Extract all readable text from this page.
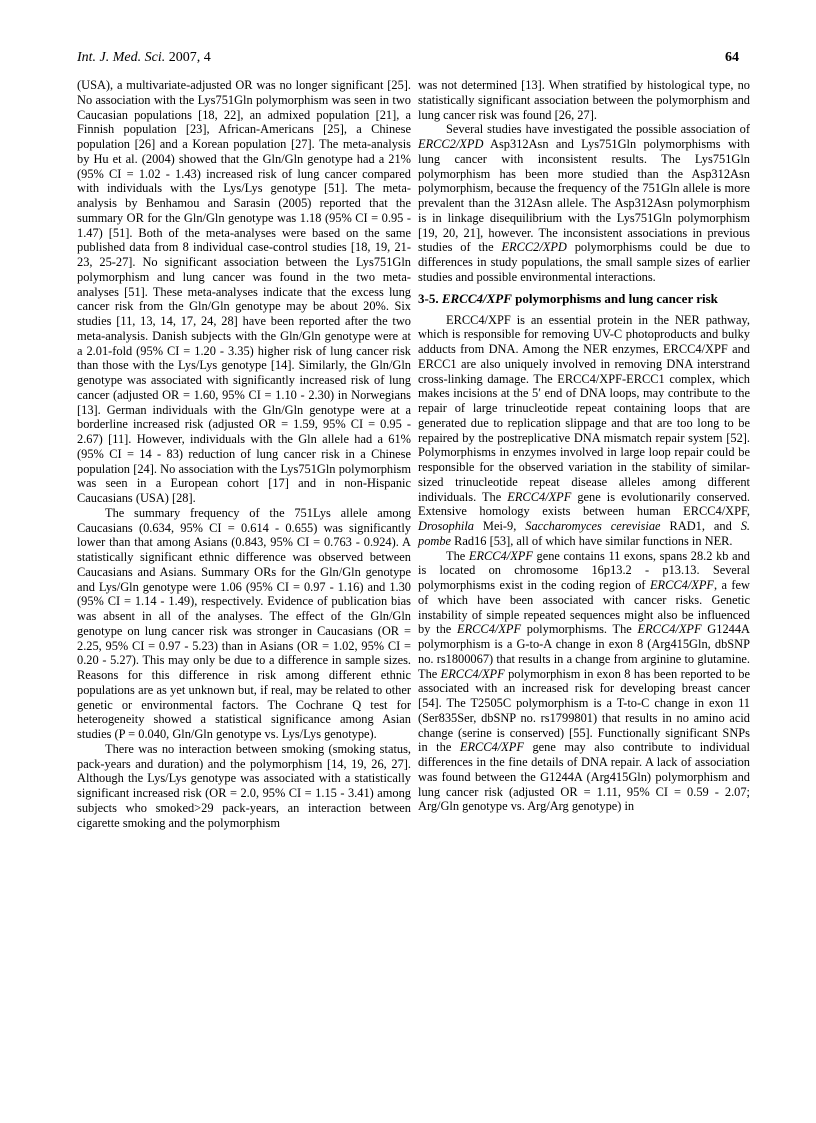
Int. J. Med. Sci. 2007, 4	64

(USA), a multivariate-adjusted OR was no longer significant [25]. No association with the Lys751Gln polymorphism was seen in two Caucasian populations [18, 22], an admixed population [21], a Finnish population [23], African-Americans [25], a Chinese population [26] and a Korean population [27]. The meta-analysis by Hu et al. (2004) showed that the Gln/Gln genotype had a 21% (95% CI = 1.02 - 1.43) increased risk of lung cancer compared with individuals with the Lys/Lys genotype [51]. The meta-analysis by Benhamou and Sarasin (2005) reported that the summary OR for the Gln/Gln genotype was 1.18 (95% CI = 0.95 - 1.47) [51]. Both of the meta-analyses were based on the same published data from 8 individual case-control studies [18, 19, 21-23, 25-27]. No significant association between the Lys751Gln polymorphism and lung cancer was found in the two meta-analyses [51]. These meta-analyses indicate that the excess lung cancer risk from the Gln/Gln genotype may be about 20%. Six studies [11, 13, 14, 17, 24, 28] have been reported after the two meta-analysis. Danish subjects with the Gln/Gln genotype were at a 2.01-fold (95% CI = 1.20 - 3.35) higher risk of lung cancer risk than those with the Lys/Lys genotype [14]. Similarly, the Gln/Gln genotype was associated with significantly increased risk of lung cancer (adjusted OR = 1.60, 95% CI = 1.10 - 2.30) in Norwegians [13]. German individuals with the Gln/Gln genotype were at a borderline increased risk (adjusted OR = 1.59, 95% CI = 0.95 - 2.67) [11]. However, individuals with the Gln allele had a 61% (95% CI = 14 - 83) reduction of lung cancer risk in a Chinese population [24]. No association with the Lys751Gln polymorphism was seen in a European cohort [17] and in non-Hispanic Caucasians (USA) [28].

The summary frequency of the 751Lys allele among Caucasians (0.634, 95% CI = 0.614 - 0.655) was significantly lower than that among Asians (0.843, 95% CI = 0.763 - 0.924). A statistically significant ethnic difference was observed between Caucasians and Asians. Summary ORs for the Gln/Gln genotype and Lys/Gln genotype were 1.06 (95% CI = 0.97 - 1.16) and 1.30 (95% CI = 1.14 - 1.49), respectively. Evidence of publication bias was absent in all of the analyses. The effect of the Gln/Gln genotype on lung cancer risk was stronger in Caucasians (OR = 2.25, 95% CI = 0.97 - 5.23) than in Asians (OR = 1.02, 95% CI = 0.20 - 5.27). This may only be due to a difference in sample sizes. Reasons for this difference in risk among different ethnic populations are as yet unknown but, if real, may be related to other genetic or environmental factors. The Cochrane Q test for heterogeneity showed a statistical significance among Asian studies (P = 0.040, Gln/Gln genotype vs. Lys/Lys genotype).

There was no interaction between smoking (smoking status, pack-years and duration) and the polymorphism [14, 19, 26, 27]. Although the Lys/Lys genotype was associated with a statistically significant increased risk (OR = 2.0, 95% CI = 1.15 - 3.41) among subjects who smoked>29 pack-years, an interaction between cigarette smoking and the polymorphism

was not determined [13]. When stratified by histological type, no statistically significant association between the polymorphism and lung cancer risk was found [26, 27].

Several studies have investigated the possible association of ERCC2/XPD Asp312Asn and Lys751Gln polymorphisms with lung cancer with inconsistent results. The Lys751Gln polymorphism has been more studied than the Asp312Asn polymorphism, because the frequency of the 751Gln allele is more prevalent than the 312Asn allele. The Asp312Asn polymorphism is in linkage disequilibrium with the Lys751Gln polymorphism [19, 20, 21], however. The inconsistent associations in previous studies of the ERCC2/XPD polymorphisms could be due to differences in study populations, the small sample sizes of earlier studies and possible environmental interactions.

3-5. ERCC4/XPF polymorphisms and lung cancer risk

ERCC4/XPF is an essential protein in the NER pathway, which is responsible for removing UV-C photoproducts and bulky adducts from DNA. Among the NER enzymes, ERCC4/XPF and ERCC1 are also uniquely involved in removing DNA interstrand cross-linking damage. The ERCC4/XPF-ERCC1 complex, which makes incisions at the 5′ end of DNA loops, may contribute to the repair of large trinucleotide repeat containing loops that are generated due to replication slippage and that are too long to be repaired by the postreplicative DNA mismatch repair system [52]. Polymorphisms in enzymes involved in large loop repair could be responsible for the observed variation in the stability of similar-sized trinucleotide repeat disease alleles among different individuals. The ERCC4/XPF gene is evolutionarily conserved. Extensive homology exists between human ERCC4/XPF, Drosophila Mei-9, Saccharomyces cerevisiae RAD1, and S. pombe Rad16 [53], all of which have similar functions in NER.

The ERCC4/XPF gene contains 11 exons, spans 28.2 kb and is located on chromosome 16p13.2 - p13.13. Several polymorphisms exist in the coding region of ERCC4/XPF, a few of which have been associated with cancer risks. Genetic instability of simple repeated sequences might also be influenced by the ERCC4/XPF polymorphisms. The ERCC4/XPF G1244A polymorphism is a G-to-A change in exon 8 (Arg415Gln, dbSNP no. rs1800067) that results in a change from arginine to glutamine. The ERCC4/XPF polymorphism in exon 8 has been reported to be associated with an increased risk for developing breast cancer [54]. The T2505C polymorphism is a T-to-C change in exon 11 (Ser835Ser, dbSNP no. rs1799801) that results in no amino acid change (serine is conserved) [55]. Functionally significant SNPs in the ERCC4/XPF gene may also contribute to individual differences in the fine details of DNA repair. A lack of association was found between the G1244A (Arg415Gln) polymorphism and lung cancer risk (adjusted OR = 1.11, 95% CI = 0.59 - 2.07; Arg/Gln genotype vs. Arg/Arg genotype) in
